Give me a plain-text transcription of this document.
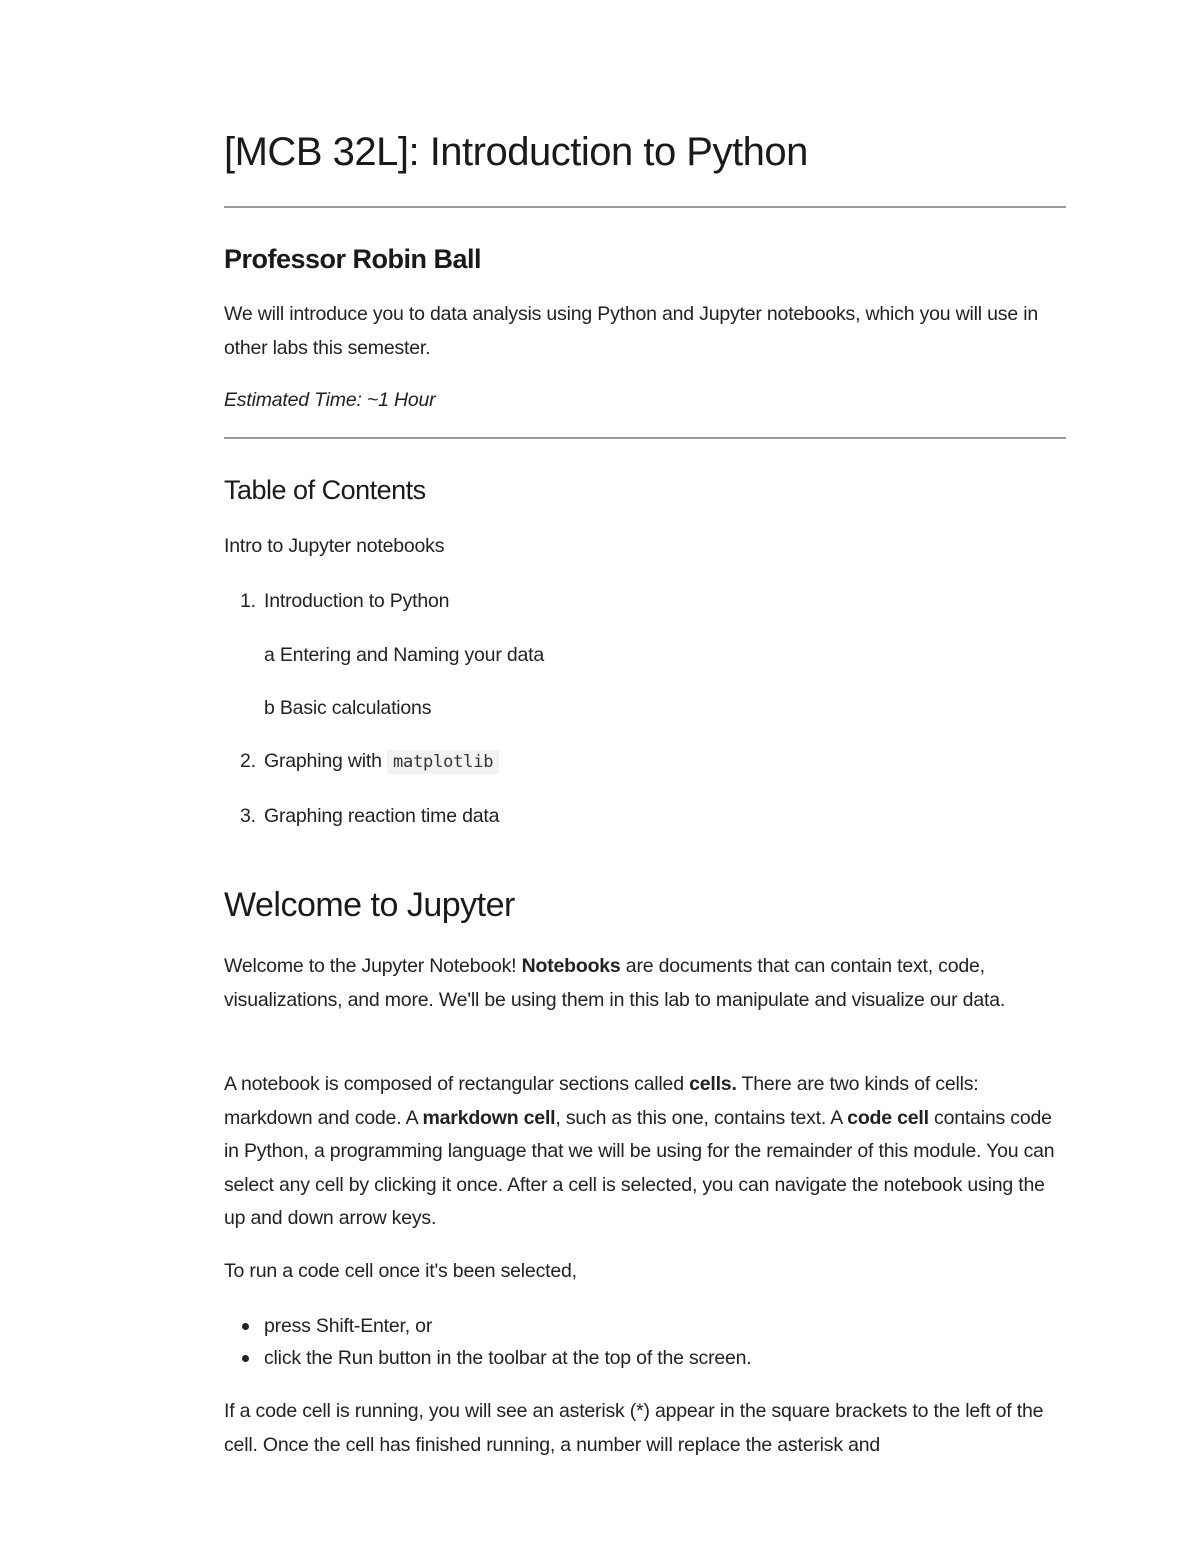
[MCB 32L]: Introduction to Python
Professor Robin Ball

We will introduce you to data analysis using Python and Jupyter notebooks, which you will use in other labs this semester.

Estimated Time: ~1 Hour

Table of Contents

Intro to Jupyter notebooks

1. Introduction to Python
a Entering and Naming your data
b Basic calculations
2. Graphing with matplotlib
3. Graphing reaction time data
Welcome to Jupyter

Welcome to the Jupyter Notebook! Notebooks are documents that can contain text, code, visualizations, and more. We'll be using them in this lab to manipulate and visualize our data.

A notebook is composed of rectangular sections called cells. There are two kinds of cells: markdown and code. A markdown cell, such as this one, contains text. A code cell contains code in Python, a programming language that we will be using for the remainder of this module. You can select any cell by clicking it once. After a cell is selected, you can navigate the notebook using the up and down arrow keys.

To run a code cell once it's been selected,

press Shift-Enter, or
click the Run button in the toolbar at the top of the screen.

If a code cell is running, you will see an asterisk (*) appear in the square brackets to the left of the cell. Once the cell has finished running, a number will replace the asterisk and
